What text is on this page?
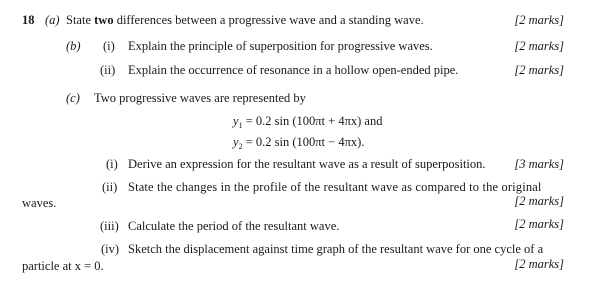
18 (a) State two differences between a progressive wave and a standing wave.	[2 marks]
(b) (i) Explain the principle of superposition for progressive waves.	[2 marks]
(ii) Explain the occurrence of resonance in a hollow open-ended pipe.	[2 marks]
(c) Two progressive waves are represented by
$y_1 = 0.2$ sin (100πt + 4πx) and
$y_2 = 0.2$ sin (100πt − 4πx).
(i) Derive an expression for the resultant wave as a result of superposition. [3 marks]
(ii) State the changes in the profile of the resultant wave as compared to the original
waves.	[2 marks]
(iii) Calculate the period of the resultant wave.	[2 marks]
(iv) Sketch the displacement against time graph of the resultant wave for one cycle of a
particle at x = 0.	[2 marks]
